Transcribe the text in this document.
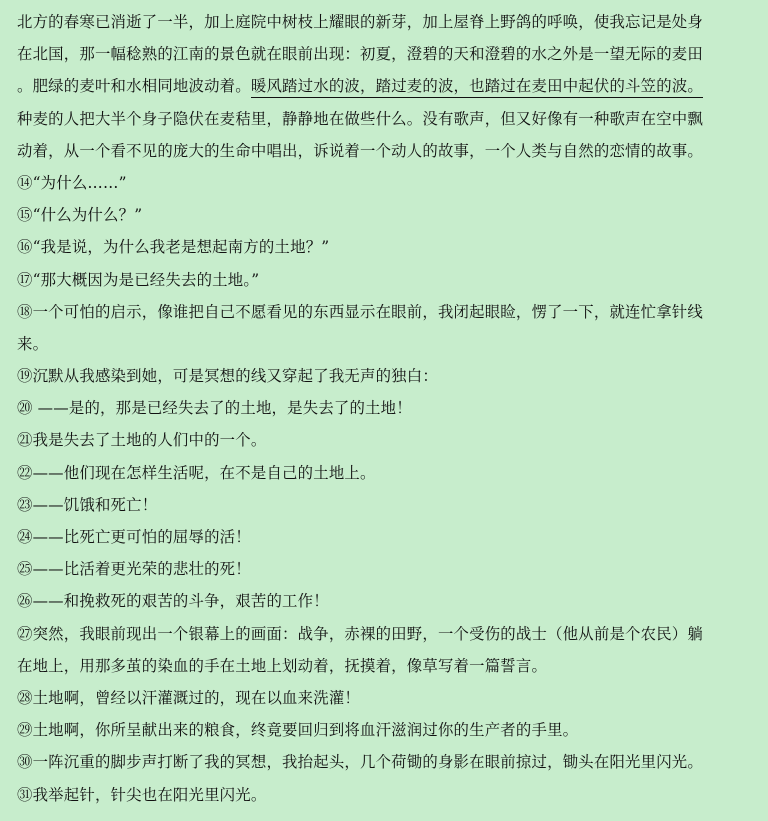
北方的春寒已消逝了一半，加上庭院中树枝上耀眼的新芽，加上屋脊上野鸽的呼唤，使我忘记是处身
在北国，那一幅稔熟的江南的景色就在眼前出现：初夏，澄碧的天和澄碧的水之外是一望无际的麦田
。肥绿的麦叶和水相同地波动着。暖风踏过水的波，踏过麦的波，也踏过在麦田中起伏的斗笠的波。
种麦的人把大半个身子隐伏在麦秸里，静静地在做些什么。没有歌声，但又好像有一种歌声在空中飘
动着，从一个看不见的庞大的生命中唱出，诉说着一个动人的故事，一个人类与自然的恋情的故事。
⑭“为什么……”
⑮“什么为什么？”
⑯“我是说，为什么我老是想起南方的土地？”
⑰“那大概因为是已经失去的土地。”
⑱一个可怕的启示，像谁把自己不愿看见的东西显示在眼前，我闭起眼睑，愣了一下，就连忙拿针线
来。
⑲沉默从我感染到她，可是冥想的线又穿起了我无声的独白：
⑳ ——是的，那是已经失去了的土地，是失去了的土地！
㉑我是失去了土地的人们中的一个。
㉒——他们现在怎样生活呢，在不是自己的土地上。
㉓——饥饿和死亡！
㉔——比死亡更可怕的屈辱的活！
㉕——比活着更光荣的悲壮的死！
㉖——和挽救死的艰苦的斗争，艰苦的工作！
㉗突然，我眼前现出一个银幕上的画面：战争，赤裸的田野，一个受伤的战士（他从前是个农民）躺
在地上，用那多茧的染血的手在土地上划动着，抚摸着，像草写着一篇誓言。
㉘土地啊，曾经以汗灌溉过的，现在以血来洗灌！
㉙土地啊，你所呈献出来的粮食，终竟要回归到将血汗滋润过你的生产者的手里。
㉚一阵沉重的脚步声打断了我的冥想，我抬起头，几个荷锄的身影在眼前掠过，锄头在阳光里闪光。
㉛我举起针，针尖也在阳光里闪光。
